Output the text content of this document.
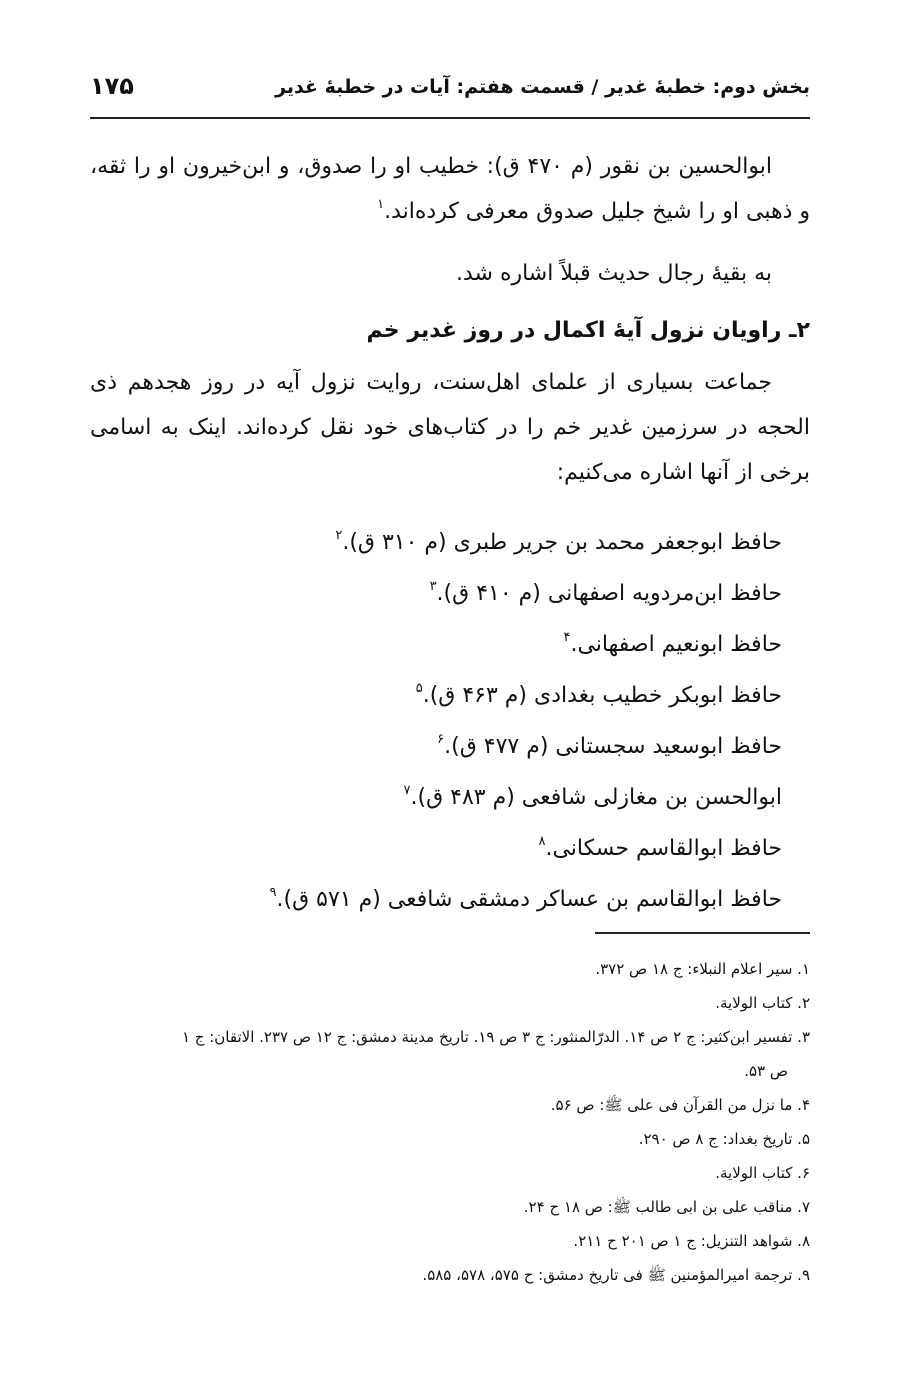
بخش دوم: خطبهٔ غدیر / قسمت هفتم: آیات در خطبهٔ غدیر
۱۷۵
ابوالحسین بن نقور (م ۴۷۰ ق): خطیب او را صدوق، و ابن‌خیرون او را ثقه، و ذهبی او را شیخ جلیل صدوق معرفی کرده‌اند.$^۱$
به بقیهٔ رجال حدیث قبلاً اشاره شد.
۲ـ راویان نزول آیهٔ اکمال در روز غدیر خم
جماعت بسیاری از علمای اهل‌سنت، روایت نزول آیه در روز هجدهم ذی الحجه در سرزمین غدیر خم را در کتاب‌های خود نقل کرده‌اند. اینک به اسامی برخی از آنها اشاره می‌کنیم:
حافظ ابوجعفر محمد بن جریر طبری (م ۳۱۰ ق).$^۲$
حافظ ابن‌مردویه اصفهانی (م ۴۱۰ ق).$^۳$
حافظ ابونعیم اصفهانی.$^۴$
حافظ ابوبکر خطیب بغدادی (م ۴۶۳ ق).$^۵$
حافظ ابوسعید سجستانی (م ۴۷۷ ق).$^۶$
ابوالحسن بن مغازلی شافعی (م ۴۸۳ ق).$^۷$
حافظ ابوالقاسم حسکانی.$^۸$
حافظ ابوالقاسم بن عساکر دمشقی شافعی (م ۵۷۱ ق).$^۹$
۱. سیر اعلام النبلاء: ج ۱۸ ص ۳۷۲.
۲. کتاب الولایة.
۳. تفسیر ابن‌کثیر: ج ۲ ص ۱۴. الدرّالمنثور: ج ۳ ص ۱۹. تاریخ مدینة دمشق: ج ۱۲ ص ۲۳۷. الاتقان: ج ۱
ص ۵۳.
۴. ما نزل من القرآن فی علی ﷺ: ص ۵۶.
۵. تاریخ بغداد: ج ۸ ص ۲۹۰.
۶. کتاب الولایة.
۷. مناقب علی بن ابی طالب ﷺ: ص ۱۸ ح ۲۴.
۸. شواهد التنزیل: ج ۱ ص ۲۰۱ ح ۲۱۱.
۹. ترجمة امیرالمؤمنین ﷺ فی تاریخ دمشق: ح ۵۷۵، ۵۷۸، ۵۸۵.
